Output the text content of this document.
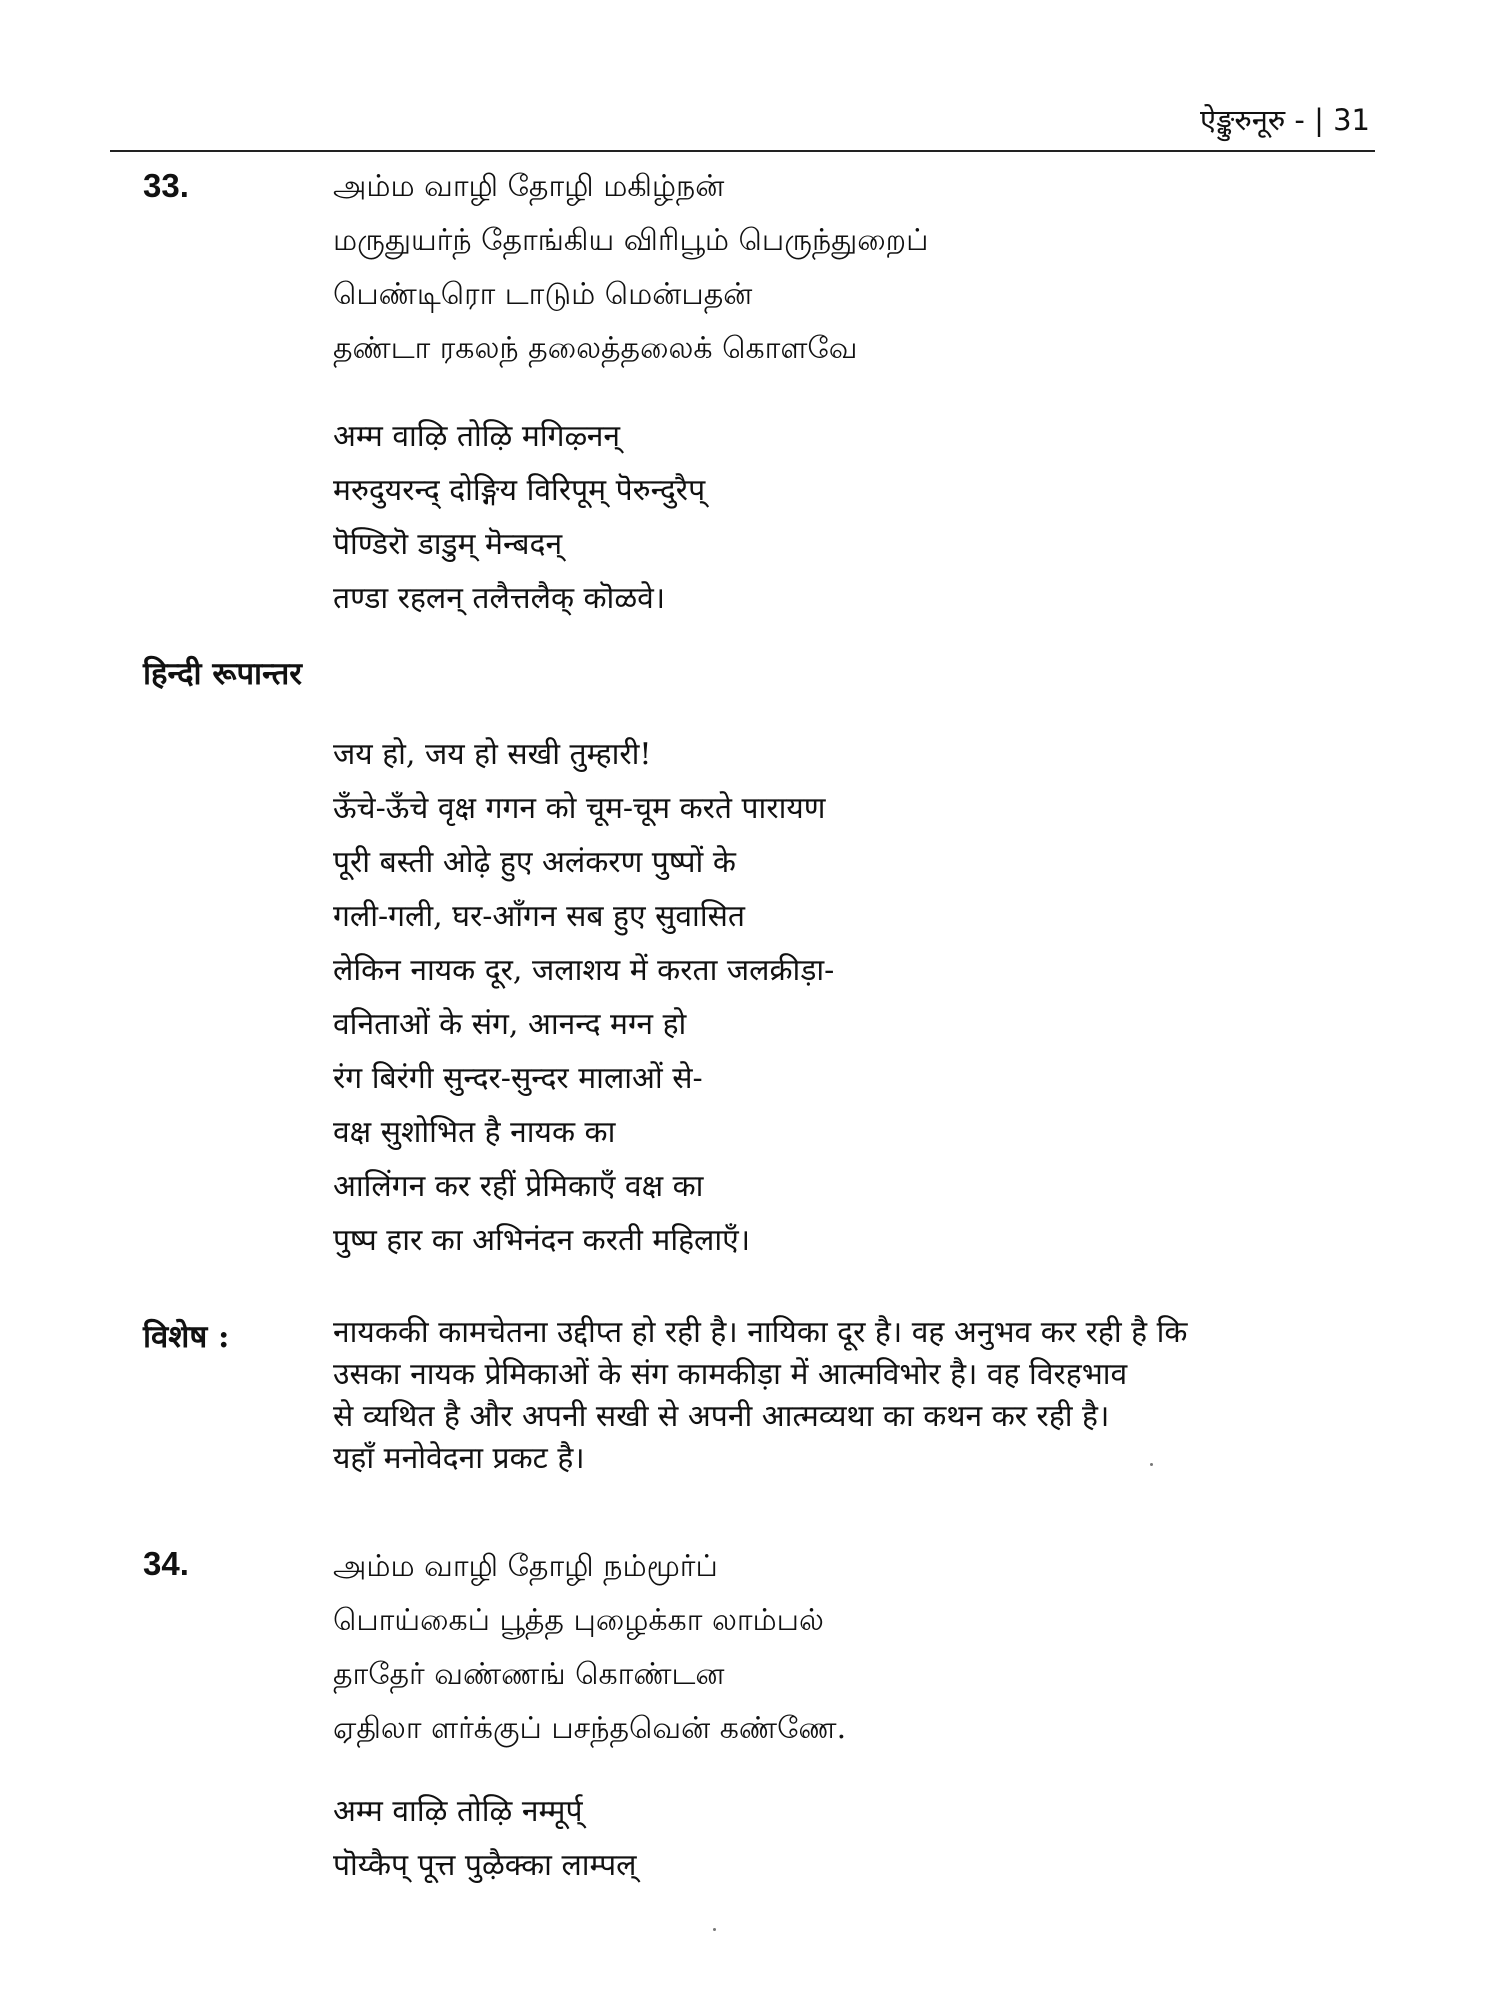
ऐङ्कुरुनूरु - | 31
33.	அம்ம வாழி தோழி மகிழ்நன்
மருதுயர்ந் தோங்கிய விரிபூம் பெருந்துறைப்
பெண்டிரொ டாடும் மென்பதன்
தண்டா ரகலந் தலைத்தலைக் கொளவே
अम्म वाऴि तोऴि मगिऴ्नन्
मरुदुयरन्द् दोङ्गिय विरिपूम् पॆरुन्दुरैप्
पॆण्डिरॊ डाडुम् मॆन्बदन्
तण्डा रहलन् तलैत्तलैक् कॊळवे।
हिन्दी रूपान्तर
जय हो, जय हो सखी तुम्हारी!
ऊँचे-ऊँचे वृक्ष गगन को चूम-चूम करते पारायण
पूरी बस्ती ओढ़े हुए अलंकरण पुष्पों के
गली-गली, घर-आँगन सब हुए सुवासित
लेकिन नायक दूर, जलाशय में करता जलक्रीड़ा-
वनिताओं के संग, आनन्द मग्न हो
रंग बिरंगी सुन्दर-सुन्दर मालाओं से-
वक्ष सुशोभित है नायक का
आलिंगन कर रहीं प्रेमिकाएँ वक्ष का
पुष्प हार का अभिनंदन करती महिलाएँ।
विशेष :	नायककी कामचेतना उद्दीप्त हो रही है। नायिका दूर है। वह अनुभव कर रही है कि
उसका नायक प्रेमिकाओं के संग कामकीड़ा में आत्मविभोर है। वह विरहभाव
से व्यथित है और अपनी सखी से अपनी आत्मव्यथा का कथन कर रही है।
यहाँ मनोवेदना प्रकट है।
34.	அம்ம வாழி தோழி நம்மூர்ப்
பொய்கைப் பூத்த புழைக்கா லாம்பல்
தாதேர் வண்ணங் கொண்டன
ஏதிலா ளர்க்குப் பசந்தவென் கண்ணே.
अम्म वाऴि तोऴि नम्मूर्प्
पॊय्कैप् पूत्त पुऴैक्का लाम्पल्
